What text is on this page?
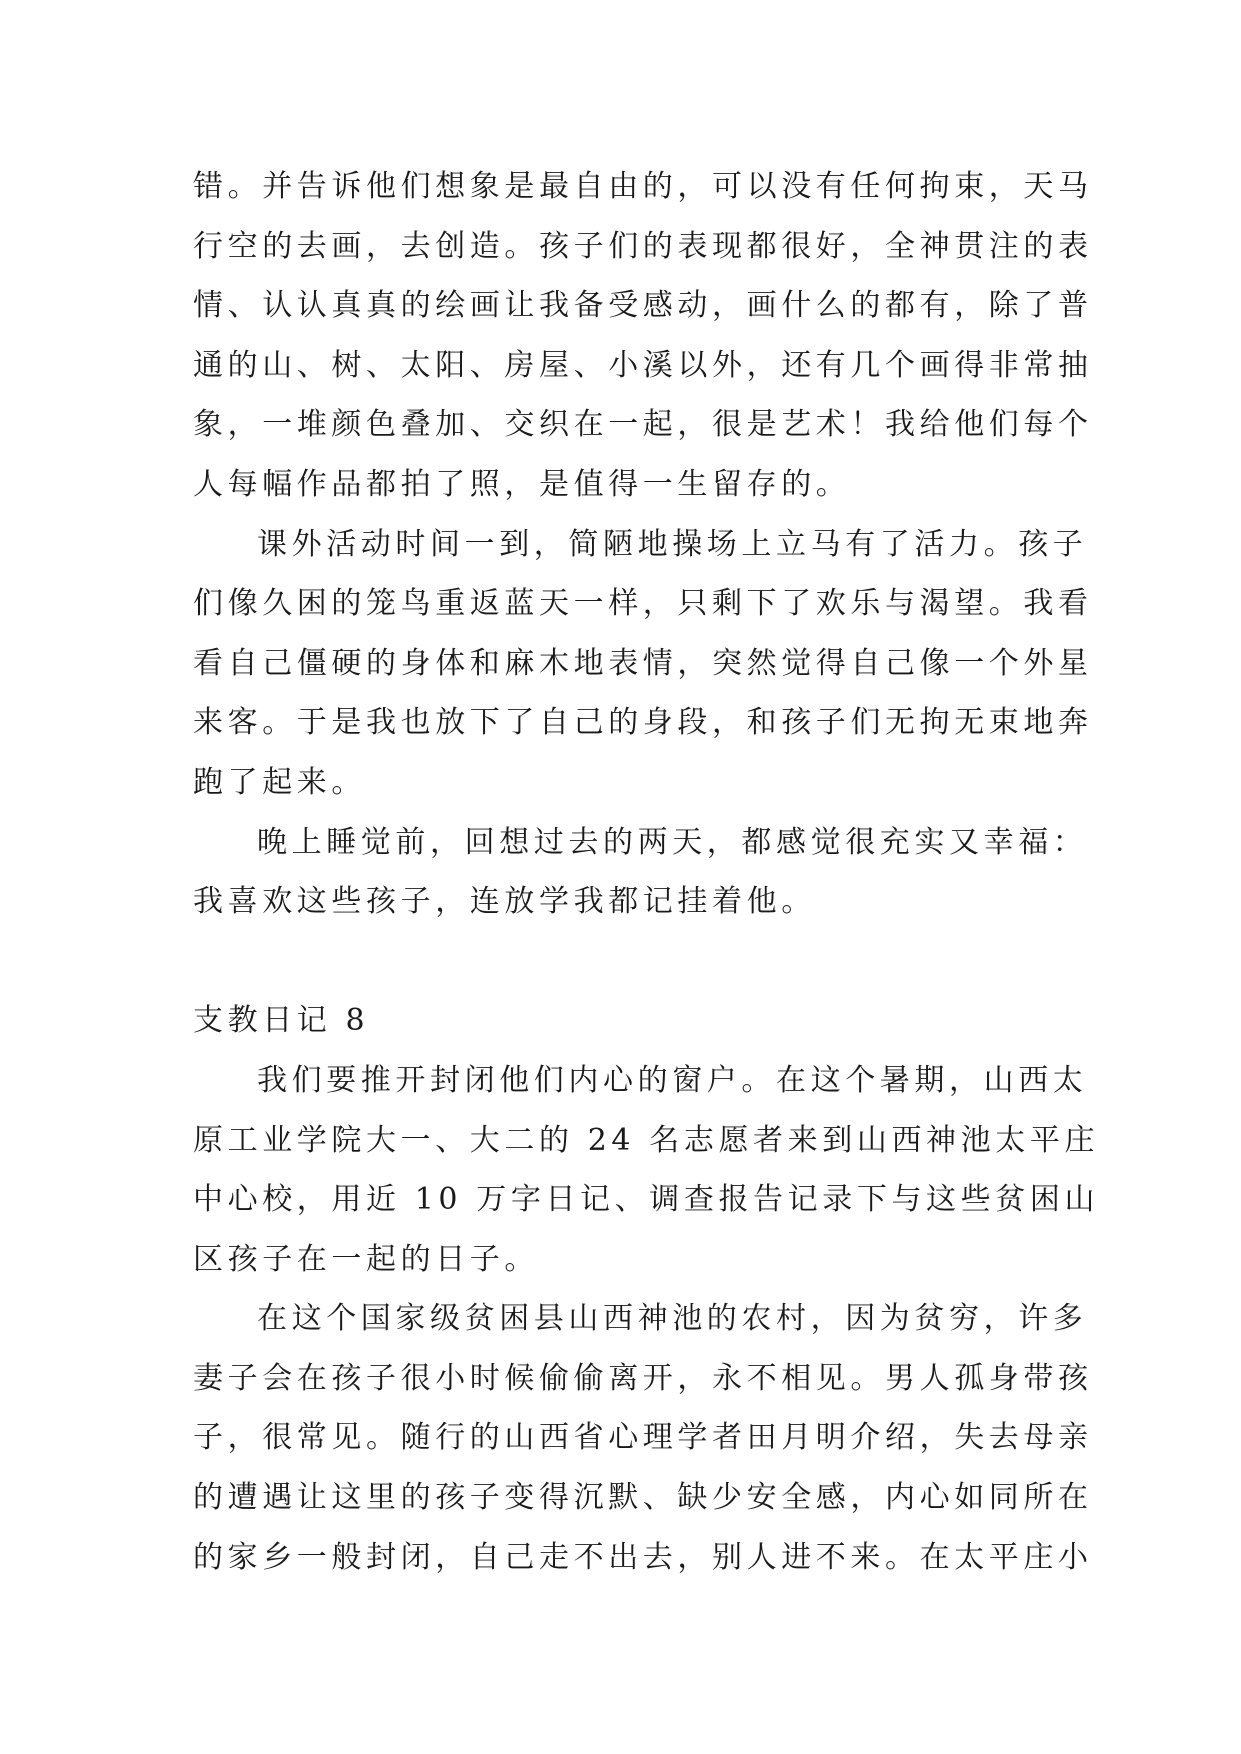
错。并告诉他们想象是最自由的，可以没有任何拘束，天马
行空的去画，去创造。孩子们的表现都很好，全神贯注的表
情、认认真真的绘画让我备受感动，画什么的都有，除了普
通的山、树、太阳、房屋、小溪以外，还有几个画得非常抽
象，一堆颜色叠加、交织在一起，很是艺术！我给他们每个
人每幅作品都拍了照，是值得一生留存的。
课外活动时间一到，简陋地操场上立马有了活力。孩子
们像久困的笼鸟重返蓝天一样，只剩下了欢乐与渴望。我看
看自己僵硬的身体和麻木地表情，突然觉得自己像一个外星
来客。于是我也放下了自己的身段，和孩子们无拘无束地奔
跑了起来。
晚上睡觉前，回想过去的两天，都感觉很充实又幸福：
我喜欢这些孩子，连放学我都记挂着他。
支教日记 8
我们要推开封闭他们内心的窗户。在这个暑期，山西太
原工业学院大一、大二的 24 名志愿者来到山西神池太平庄
中心校，用近 10 万字日记、调查报告记录下与这些贫困山
区孩子在一起的日子。
在这个国家级贫困县山西神池的农村，因为贫穷，许多
妻子会在孩子很小时候偷偷离开，永不相见。男人孤身带孩
子，很常见。随行的山西省心理学者田月明介绍，失去母亲
的遭遇让这里的孩子变得沉默、缺少安全感，内心如同所在
的家乡一般封闭，自己走不出去，别人进不来。在太平庄小
